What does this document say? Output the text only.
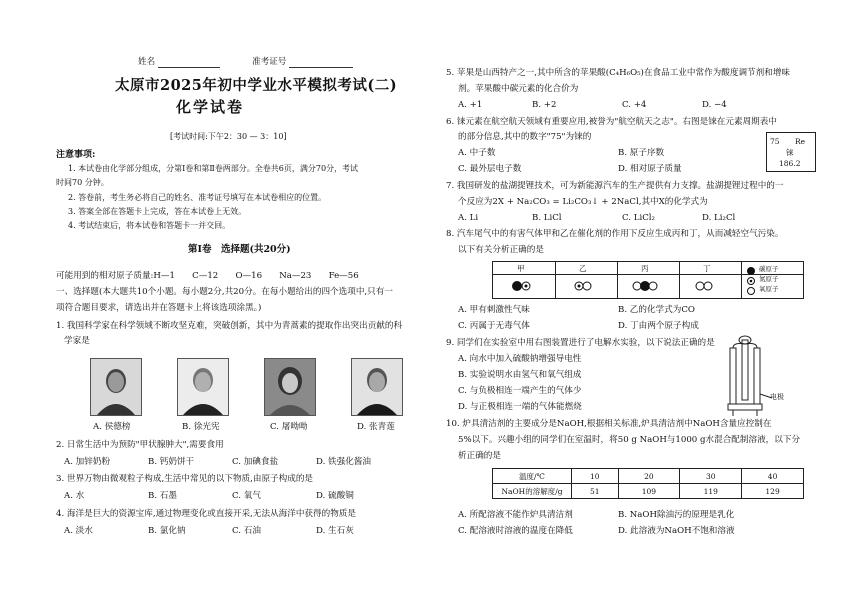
姓名	准考证号
太原市2025年初中学业水平模拟考试(二)
化学试卷
[考试时间:下午2：30 — 3：10]
注意事项:
1. 本试卷由化学部分组成，分第Ⅰ卷和第Ⅱ卷两部分。全卷共6页，满分70分，考试
时间70 分钟。
2. 答卷前，考生务必将自己的姓名、准考证号填写在本试卷相应的位置。
3. 答案全部在答题卡上完成，答在本试卷上无效。
4. 考试结束后，将本试卷和答题卡一并交回。
第Ⅰ卷　选择题(共20分)
可能用到的相对原子质量:H—1　　C—12　　O—16　　Na—23　　Fe—56
一、选择题(本大题共10个小题。每小题2分,共20分。在每小题给出的四个选项中,只有一
项符合题目要求，请选出并在答题卡上将该选项涂黑。)
1. 我国科学家在科学领域不断攻坚克难，突破创新，其中为青蒿素的提取作出突出贡献的科
学家是
A. 侯德榜	B. 徐光宪	C. 屠呦呦	D. 张青莲
2. 日常生活中为预防"甲状腺肿大",需要食用
A. 加锌奶粉	B. 钙奶饼干	C. 加碘食盐	D. 铁强化酱油
3. 世界万物由微观粒子构成,生活中常见的以下物质,由原子构成的是
A. 水	B. 石墨	C. 氧气	D. 硫酸铜
4. 海洋是巨大的资源宝库,通过物理变化或直接开采,无法从海洋中获得的物质是
A. 淡水	B. 氯化钠	C. 石油	D. 生石灰
5. 苹果是山西特产之一,其中所含的苹果酸(C₄H₆O₅)在食品工业中常作为酸度调节剂和增味
剂。苹果酸中碳元素的化合价为
A. +1	B. +2	C. +4	D. −4
6. 铼元素在航空航天领域有重要应用,被誉为"航空航天之志"。右图是铼在元素周期表中
的部分信息,其中的数字"75"为铼的
A. 中子数	B. 原子序数
C. 最外层电子数	D. 相对原子质量
75 Re
铼
186.2
7. 我国研发的盐湖提锂技术，可为新能源汽车的生产提供有力支撑。盐湖提锂过程中的一
个反应为2X + Na₂CO₃ = Li₂CO₃↓ + 2NaCl,其中X的化学式为
A. Li	B. LiCl	C. LiCl₂	D. Li₂Cl
8. 汽车尾气中的有害气体甲和乙在催化剂的作用下反应生成丙和丁，从而减轻空气污染。
以下有关分析正确的是
甲	乙	丙	丁	碳原子
氮原子
氧原子
A. 甲有刺激性气味	B. 乙的化学式为CO
C. 丙属于无毒气体	D. 丁由两个原子构成
9. 同学们在实验室中用右图装置进行了电解水实验，以下说法正确的是
A. 向水中加入硫酸钠增强导电性
B. 实验说明水由氢气和氧气组成
C. 与负极相连一端产生的气体少
D. 与正极相连一端的气体能燃烧
电极
10. 炉具清洁剂的主要成分是NaOH,根据相关标准,炉具清洁剂中NaOH含量应控制在
5%以下。兴趣小组的同学们在室温时，将50 g NaOH与1000 g水混合配制溶液，以下分
析正确的是
温度/℃	10	20	30	40
NaOH的溶解度/g	51	109	119	129
A. 所配溶液不能作炉具清洁剂	B. NaOH除油污的原理是乳化
C. 配溶液时溶液的温度在降低	D. 此溶液为NaOH不饱和溶液
